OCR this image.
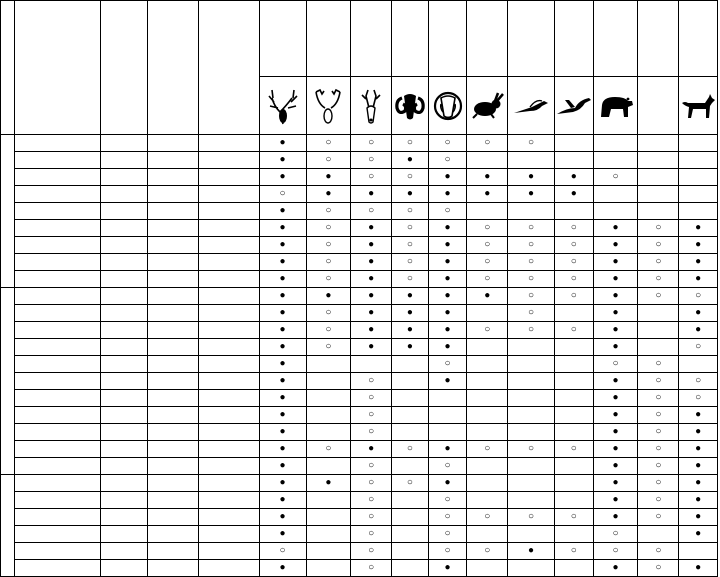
					●	○	○	○	○	○	○				
					●	○	○	●	○						
					●	●	○	○	●	●	●	●	○		
					○	●	●	●	●	●	●	●			
					●	○	○	○	○						
					●	○	●	○	●	○	○	○	●	○	●
					●	○	●	○	●	○	○	○	●	○	●
					●	○	●	○	●	○	○	○	●	○	●
					●	○	●	○	●	○	○	○	●	○	●
					●	●	●	●	●	●	○	○	●	○	○
					●	○	●	●	●		○		●		●
					●	○	●	●	●	○	○	○	●		●
					●	○	●	●	●				●		○
					●				○				○	○	
					●		○		●				●	○	○
					●		○						●	○	○
					●		○						●	○	●
					●		○						●	○	●
					●	○	●	○	●	○	○	○	●	○	●
					●		○		○				●	○	●
					●	●	○	○	●				●	○	●
					●		○		○				●	○	●
					●		○		○	○	○	○	●	○	●
					●		○		○				○		●
					○		○		○	○	●	○	○	○	
					●		○		●				●	○	●
